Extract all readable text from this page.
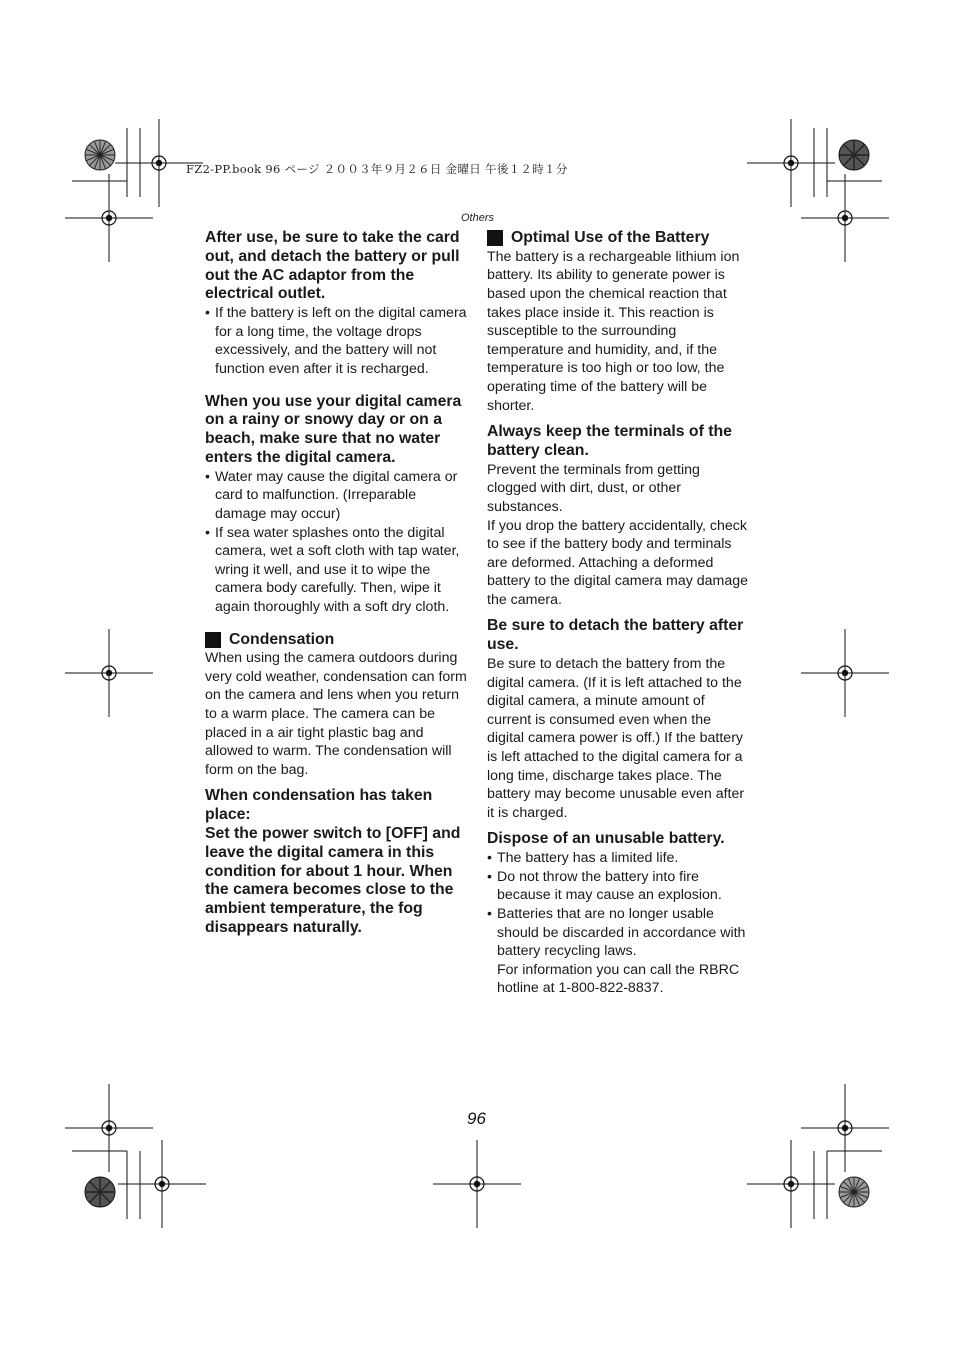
FZ2-PP.book 96 ページ ２００３年９月２６日 金曜日 午後１２時１分
Others

After use, be sure to take the card out, and detach the battery or pull out the AC adaptor from the electrical outlet.

• If the battery is left on the digital camera for a long time, the voltage drops excessively, and the battery will not function even after it is recharged.

When you use your digital camera on a rainy or snowy day or on a beach, make sure that no water enters the digital camera.

• Water may cause the digital camera or card to malfunction. (Irreparable damage may occur)

• If sea water splashes onto the digital camera, wet a soft cloth with tap water, wring it well, and use it to wipe the camera body carefully. Then, wipe it again thoroughly with a soft dry cloth.

Condensation

When using the camera outdoors during very cold weather, condensation can form on the camera and lens when you return to a warm place. The camera can be placed in a air tight plastic bag and allowed to warm. The condensation will form on the bag.

When condensation has taken place:

Set the power switch to [OFF] and leave the digital camera in this condition for about 1 hour. When the camera becomes close to the ambient temperature, the fog disappears naturally.

Optimal Use of the Battery

The battery is a rechargeable lithium ion battery. Its ability to generate power is based upon the chemical reaction that takes place inside it. This reaction is susceptible to the surrounding temperature and humidity, and, if the temperature is too high or too low, the operating time of the battery will be shorter.

Always keep the terminals of the battery clean.

Prevent the terminals from getting clogged with dirt, dust, or other substances.

If you drop the battery accidentally, check to see if the battery body and terminals are deformed. Attaching a deformed battery to the digital camera may damage the camera.

Be sure to detach the battery after use.

Be sure to detach the battery from the digital camera. (If it is left attached to the digital camera, a minute amount of current is consumed even when the digital camera power is off.) If the battery is left attached to the digital camera for a long time, discharge takes place. The battery may become unusable even after it is charged.

Dispose of an unusable battery.

• The battery has a limited life.

• Do not throw the battery into fire because it may cause an explosion.

• Batteries that are no longer usable should be discarded in accordance with battery recycling laws.

For information you can call the RBRC hotline at 1-800-822-8837.

96
